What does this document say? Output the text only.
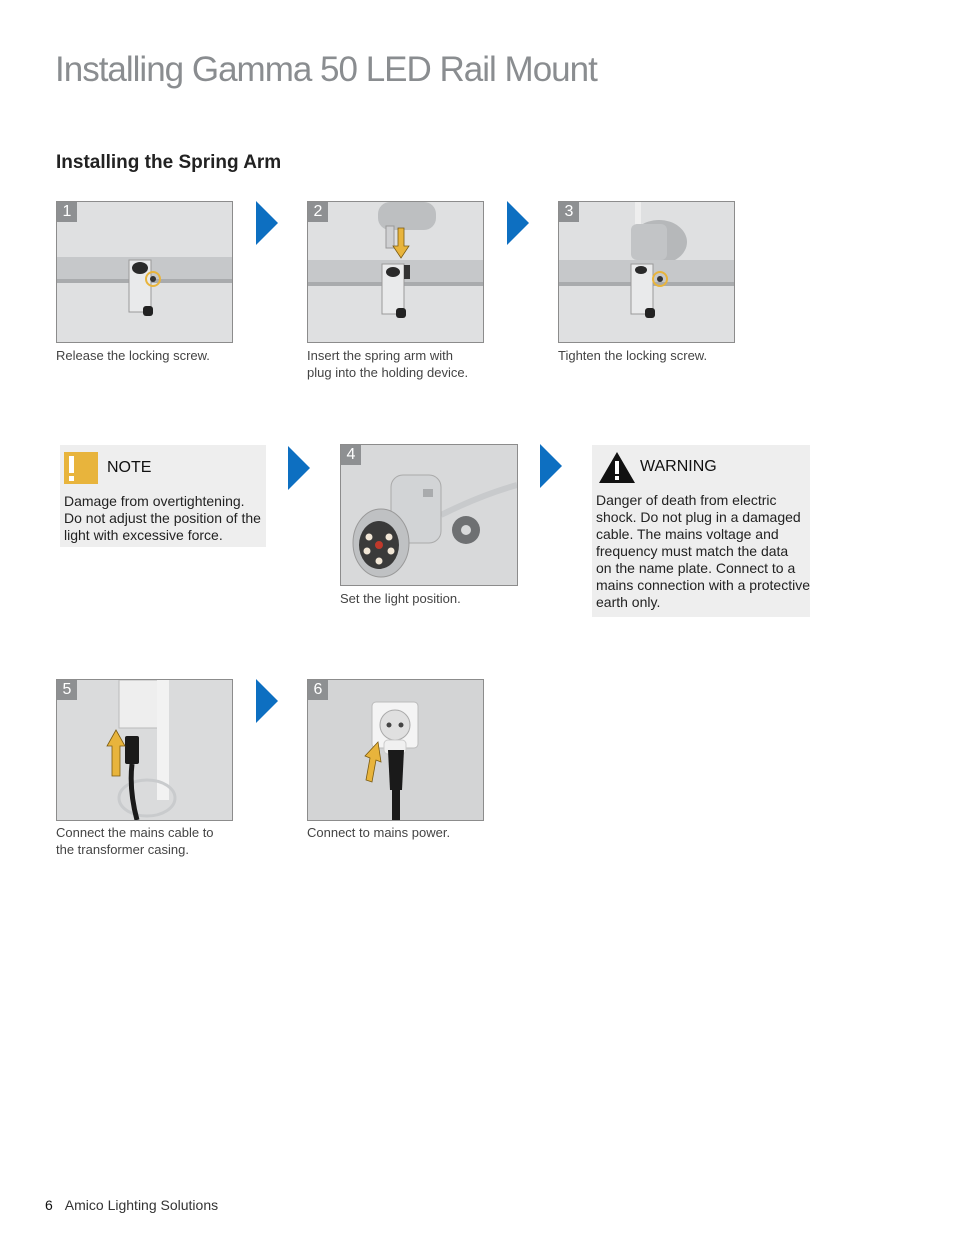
Installing Gamma 50 LED Rail Mount
Installing the Spring Arm
1
Release the locking screw.
2
Insert the spring arm with
plug into the holding device.
3
Tighten the locking screw.
NOTE
Damage from overtightening.
Do not adjust the position of the
light with excessive force.
4
Set the light position.
WARNING
Danger of death from electric
shock. Do not plug in a damaged
cable. The mains voltage and
frequency must match the data
on the name plate. Connect to a
mains connection with a protective
earth only.
5
Connect the mains cable to
the transformer casing.
6
Connect to mains power.
6 Amico Lighting Solutions
